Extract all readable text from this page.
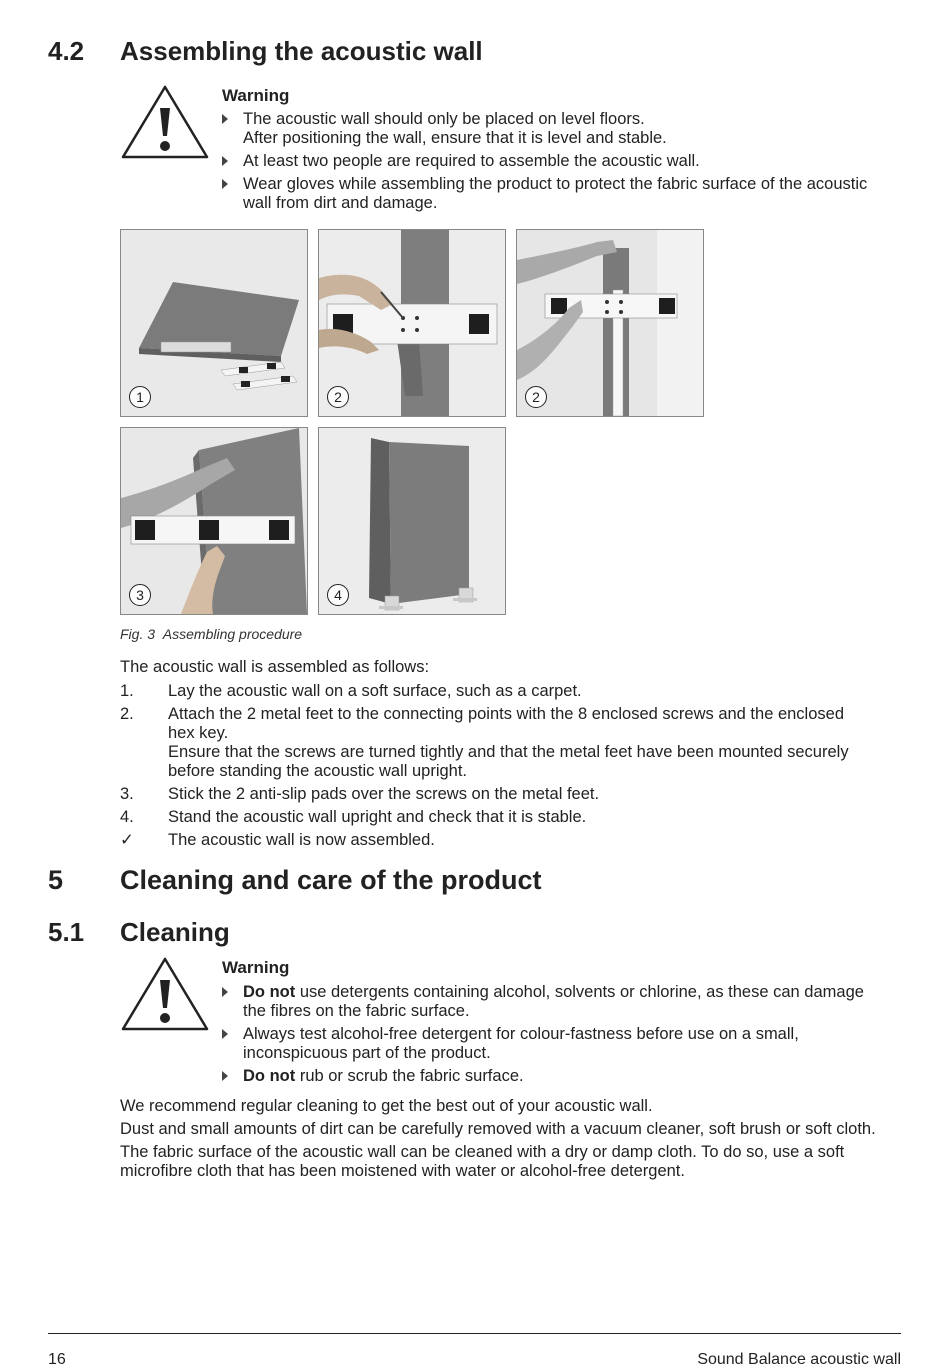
4.2 Assembling the acoustic wall
Warning
The acoustic wall should only be placed on level floors.
After positioning the wall, ensure that it is level and stable.
At least two people are required to assemble the acoustic wall.
Wear gloves while assembling the product to protect the fabric surface of the acoustic wall from dirt and damage.
1	2	2
3	4
Fig. 3 Assembling procedure
The acoustic wall is assembled as follows:
1. Lay the acoustic wall on a soft surface, such as a carpet.
2. Attach the 2 metal feet to the connecting points with the 8 enclosed screws and the enclosed hex key.
Ensure that the screws are turned tightly and that the metal feet have been mounted securely before standing the acoustic wall upright.
3. Stick the 2 anti-slip pads over the screws on the metal feet.
4. Stand the acoustic wall upright and check that it is stable.
✓ The acoustic wall is now assembled.
5 Cleaning and care of the product
5.1 Cleaning
Warning
Do not use detergents containing alcohol, solvents or chlorine, as these can damage the fibres on the fabric surface.
Always test alcohol-free detergent for colour-fastness before use on a small, inconspicuous part of the product.
Do not rub or scrub the fabric surface.
We recommend regular cleaning to get the best out of your acoustic wall.
Dust and small amounts of dirt can be carefully removed with a vacuum cleaner, soft brush or soft cloth.
The fabric surface of the acoustic wall can be cleaned with a dry or damp cloth. To do so, use a soft microfibre cloth that has been moistened with water or alcohol-free detergent.
16	Sound Balance acoustic wall
